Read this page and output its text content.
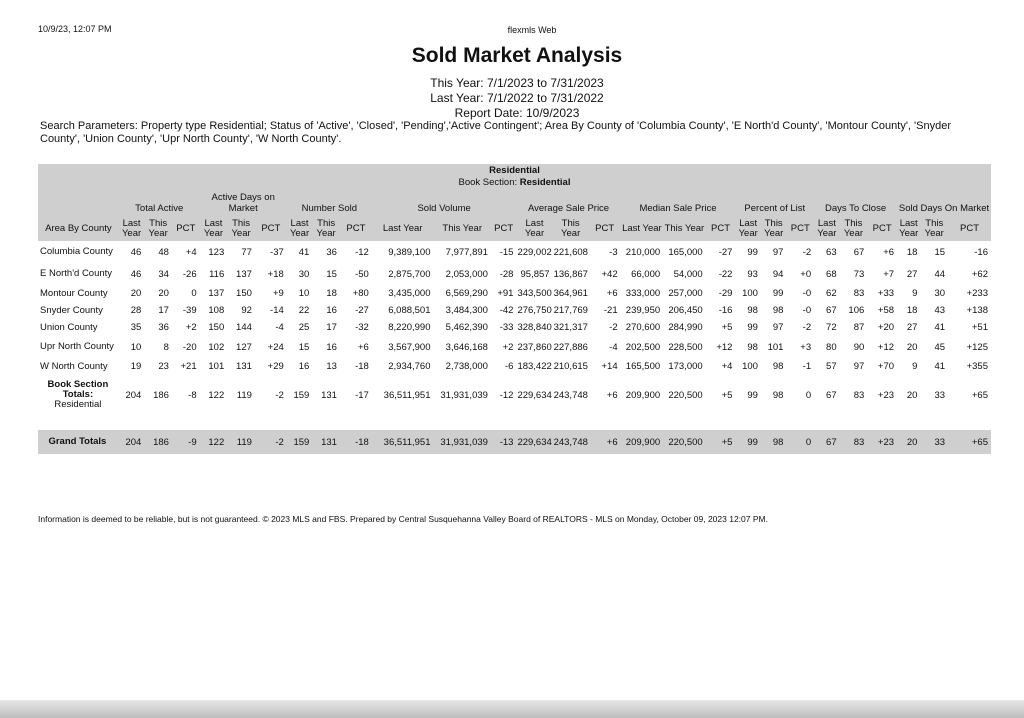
10/9/23, 12:07 PM	flexmls Web
Sold Market Analysis
This Year: 7/1/2023 to 7/31/2023
Last Year: 7/1/2022 to 7/31/2022
Report Date: 10/9/2023
Search Parameters: Property type Residential; Status of 'Active', 'Closed', 'Pending','Active Contingent'; Area By County of 'Columbia County', 'E North'd County', 'Montour County', 'Snyder County', 'Union County', 'Upr North County', 'W North County'.
Residential																											
Book Section: Residential																											
	Total Active			Active Days on Market			Number Sold			Sold Volume			Average Sale Price			Median Sale Price			Percent of List			Days To Close			Sold Days On Market		
Area By County	Last Year	This Year	PCT	Last Year	This Year	PCT	Last Year	This Year	PCT	Last Year	This Year	PCT	Last Year	This Year	PCT	Last Year	This Year	PCT	Last Year	This Year	PCT	Last Year	This Year	PCT	Last Year	This Year	PCT
Columbia County	46	48	+4	123	77	-37	41	36	-12	9,389,100	7,977,891	-15	229,002	221,608	-3	210,000	165,000	-27	99	97	-2	63	67	+6	18	15	-16
E North'd County	46	34	-26	116	137	+18	30	15	-50	2,875,700	2,053,000	-28	95,857	136,867	+42	66,000	54,000	-22	93	94	+0	68	73	+7	27	44	+62
Montour County	20	20	0	137	150	+9	10	18	+80	3,435,000	6,569,290	+91	343,500	364,961	+6	333,000	257,000	-29	100	99	-0	62	83	+33	9	30	+233
Snyder County	28	17	-39	108	92	-14	22	16	-27	6,088,501	3,484,300	-42	276,750	217,769	-21	239,950	206,450	-16	98	98	-0	67	106	+58	18	43	+138
Union County	35	36	+2	150	144	-4	25	17	-32	8,220,990	5,462,390	-33	328,840	321,317	-2	270,600	284,990	+5	99	97	-2	72	87	+20	27	41	+51
Upr North County	10	8	-20	102	127	+24	15	16	+6	3,567,900	3,646,168	+2	237,860	227,886	-4	202,500	228,500	+12	98	101	+3	80	90	+12	20	45	+125
W North County	19	23	+21	101	131	+29	16	13	-18	2,934,760	2,738,000	-6	183,422	210,615	+14	165,500	173,000	+4	100	98	-1	57	97	+70	9	41	+355

Book Section
Totals:
Residential	204	186	-8	122	119	-2	159	131	-17	36,511,951	31,931,039	-12	229,634	243,748	+6	209,900	220,500	+5	99	98	0	67	83	+23	20	33	+65

Grand Totals	204	186	-9	122	119	-2	159	131	-18	36,511,951	31,931,039	-13	229,634	243,748	+6	209,900	220,500	+5	99	98	0	67	83	+23	20	33	+65
Information is deemed to be reliable, but is not guaranteed. © 2023 MLS and FBS. Prepared by Central Susquehanna Valley Board of REALTORS - MLS on Monday, October 09, 2023 12:07 PM.
